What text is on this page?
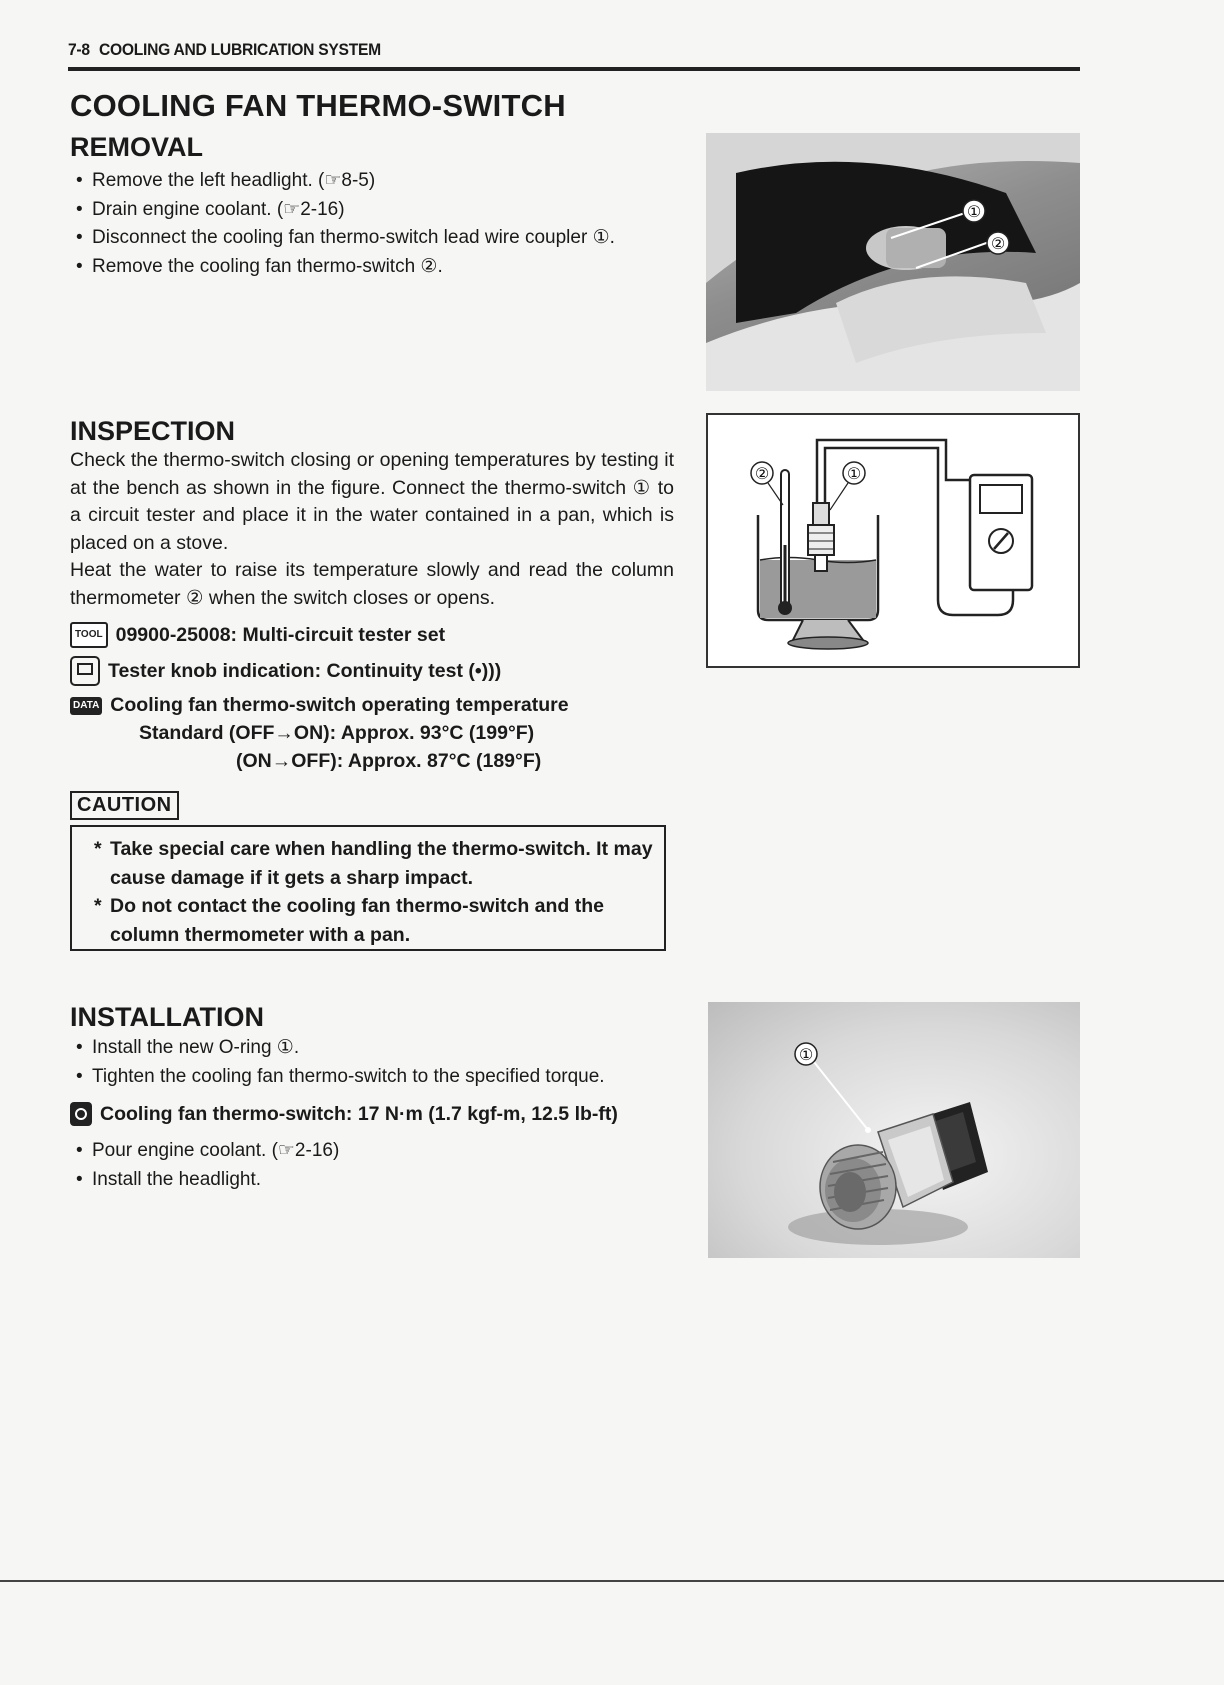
7-8 COOLING AND LUBRICATION SYSTEM
COOLING FAN THERMO-SWITCH
REMOVAL
• Remove the left headlight. (☞8-5)
• Drain engine coolant. (☞2-16)
• Disconnect the cooling fan thermo-switch lead wire coupler ①.
• Remove the cooling fan thermo-switch ②.
①
②
INSPECTION

Check the thermo-switch closing or opening temperatures by testing it at the bench as shown in the figure. Connect the thermo-switch ① to a circuit tester and place it in the water contained in a pan, which is placed on a stove.

Heat the water to raise its temperature slowly and read the column thermometer ② when the switch closes or opens.

TOOL 09900-25008: Multi-circuit tester set
Tester knob indication: Continuity test (•)))
DATA Cooling fan thermo-switch operating temperature
Standard (OFF→ON): Approx. 93°C (199°F)
(ON→OFF): Approx. 87°C (189°F)
②	①
CAUTION
* Take special care when handling the thermo-switch. It may cause damage if it gets a sharp impact.
* Do not contact the cooling fan thermo-switch and the column thermometer with a pan.
INSTALLATION
• Install the new O-ring ①.
• Tighten the cooling fan thermo-switch to the specified torque.
Cooling fan thermo-switch: 17 N·m (1.7 kgf-m, 12.5 lb-ft)
• Pour engine coolant. (☞2-16)
• Install the headlight.
①
